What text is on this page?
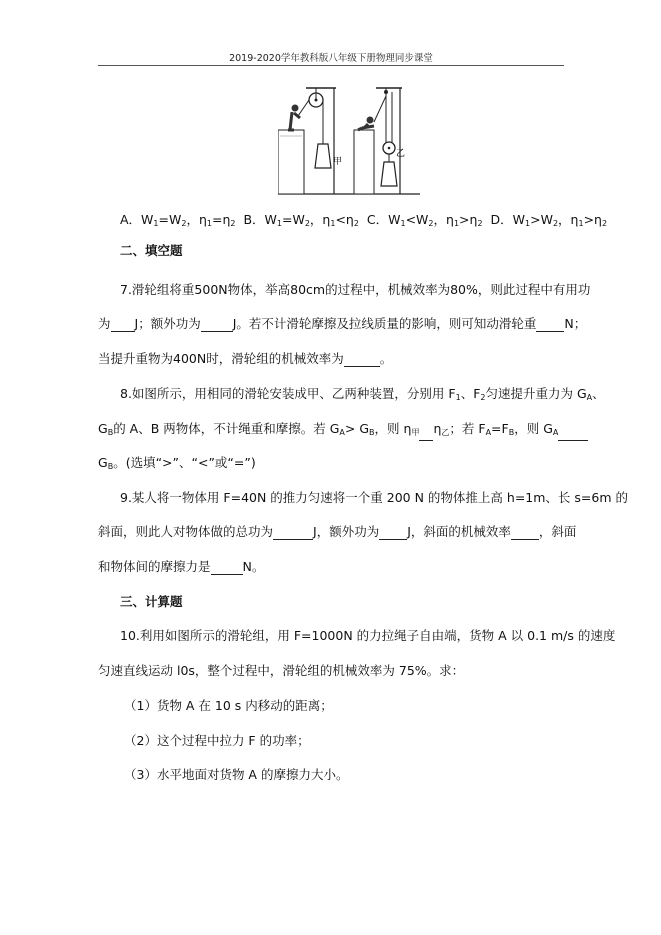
2019-2020学年教科版八年级下册物理同步课堂
甲
乙
A．$W_1=W_2$，$\eta_1=\eta_2$ B．$W_1=W_2$，$\eta_1<\eta_2$ C．$W_1<W_2$，$\eta_1>\eta_2$ D．$W_1>W_2$，$\eta_1>\eta_2$
二、填空题
7.滑轮组将重500N物体，举高80cm的过程中，机械效率为80%，则此过程中有用功
为 J；额外功为	J。若不计滑轮摩擦及拉线质量的影响，则可知动滑轮重 N；
当提升重物为400N时，滑轮组的机械效率为	。
8.如图所示，用相同的滑轮安装成甲、乙两种装置，分别用 $F_1$、$F_2$匀速提升重力为 $G_A$、
$G_B$的 A、B 两物体，不计绳重和摩擦。若 $G_A> G_B$，则 $\eta_甲$ $\eta_乙$；若 $F_A=F_B$，则 $G_A$
$G_B$。(选填“>”、“<”或“=”)
9.某人将一物体用 F=40N 的推力匀速将一个重 200 N 的物体推上高 h=1m、长 s=6m 的
斜面，则此人对物体做的总功为	J，额外功为 J，斜面的机械效率 ，斜面
和物体间的摩擦力是	N。
三、计算题
10.利用如图所示的滑轮组，用 F=1000N 的力拉绳子自由端，货物 A 以 0.1 m/s 的速度
匀速直线运动 l0s，整个过程中，滑轮组的机械效率为 75%。求：
（1）货物 A 在 10 s 内移动的距离；
（2）这个过程中拉力 F 的功率；
（3）水平地面对货物 A 的摩擦力大小。
